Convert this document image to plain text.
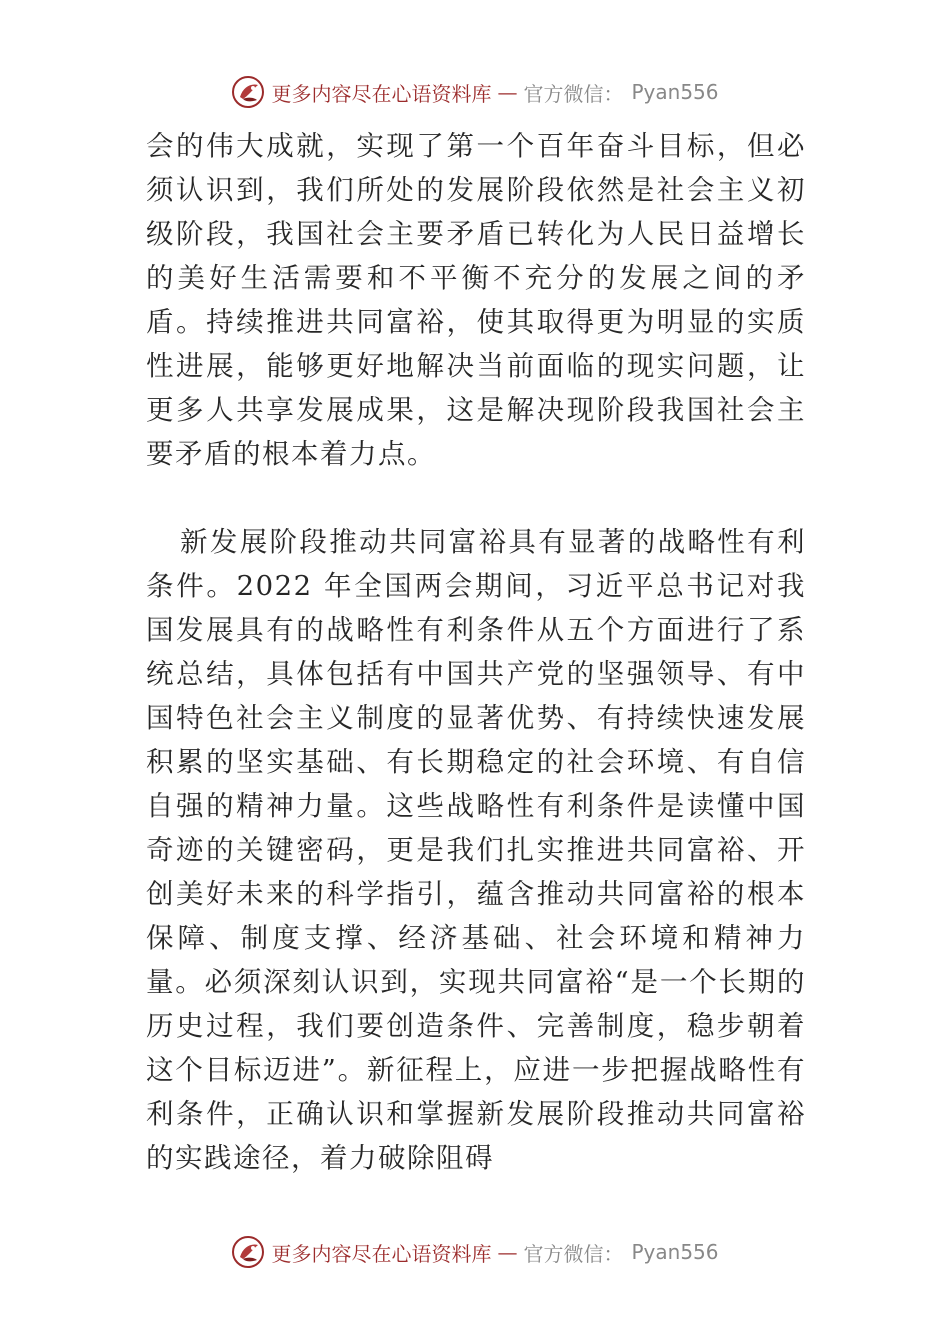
更多内容尽在心语资料库 — 官方微信： Pyan556

会的伟大成就，实现了第一个百年奋斗目标，但必须认识到，我们所处的发展阶段依然是社会主义初级阶段，我国社会主要矛盾已转化为人民日益增长的美好生活需要和不平衡不充分的发展之间的矛盾。持续推进共同富裕，使其取得更为明显的实质性进展，能够更好地解决当前面临的现实问题，让更多人共享发展成果，这是解决现阶段我国社会主要矛盾的根本着力点。

新发展阶段推动共同富裕具有显著的战略性有利条件。2022 年全国两会期间，习近平总书记对我国发展具有的战略性有利条件从五个方面进行了系统总结，具体包括有中国共产党的坚强领导、有中国特色社会主义制度的显著优势、有持续快速发展积累的坚实基础、有长期稳定的社会环境、有自信自强的精神力量。这些战略性有利条件是读懂中国奇迹的关键密码，更是我们扎实推进共同富裕、开创美好未来的科学指引，蕴含推动共同富裕的根本保障、制度支撑、经济基础、社会环境和精神力量。必须深刻认识到，实现共同富裕“是一个长期的历史过程，我们要创造条件、完善制度，稳步朝着这个目标迈进”。新征程上，应进一步把握战略性有利条件，正确认识和掌握新发展阶段推动共同富裕的实践途径，着力破除阻碍

更多内容尽在心语资料库 — 官方微信： Pyan556
